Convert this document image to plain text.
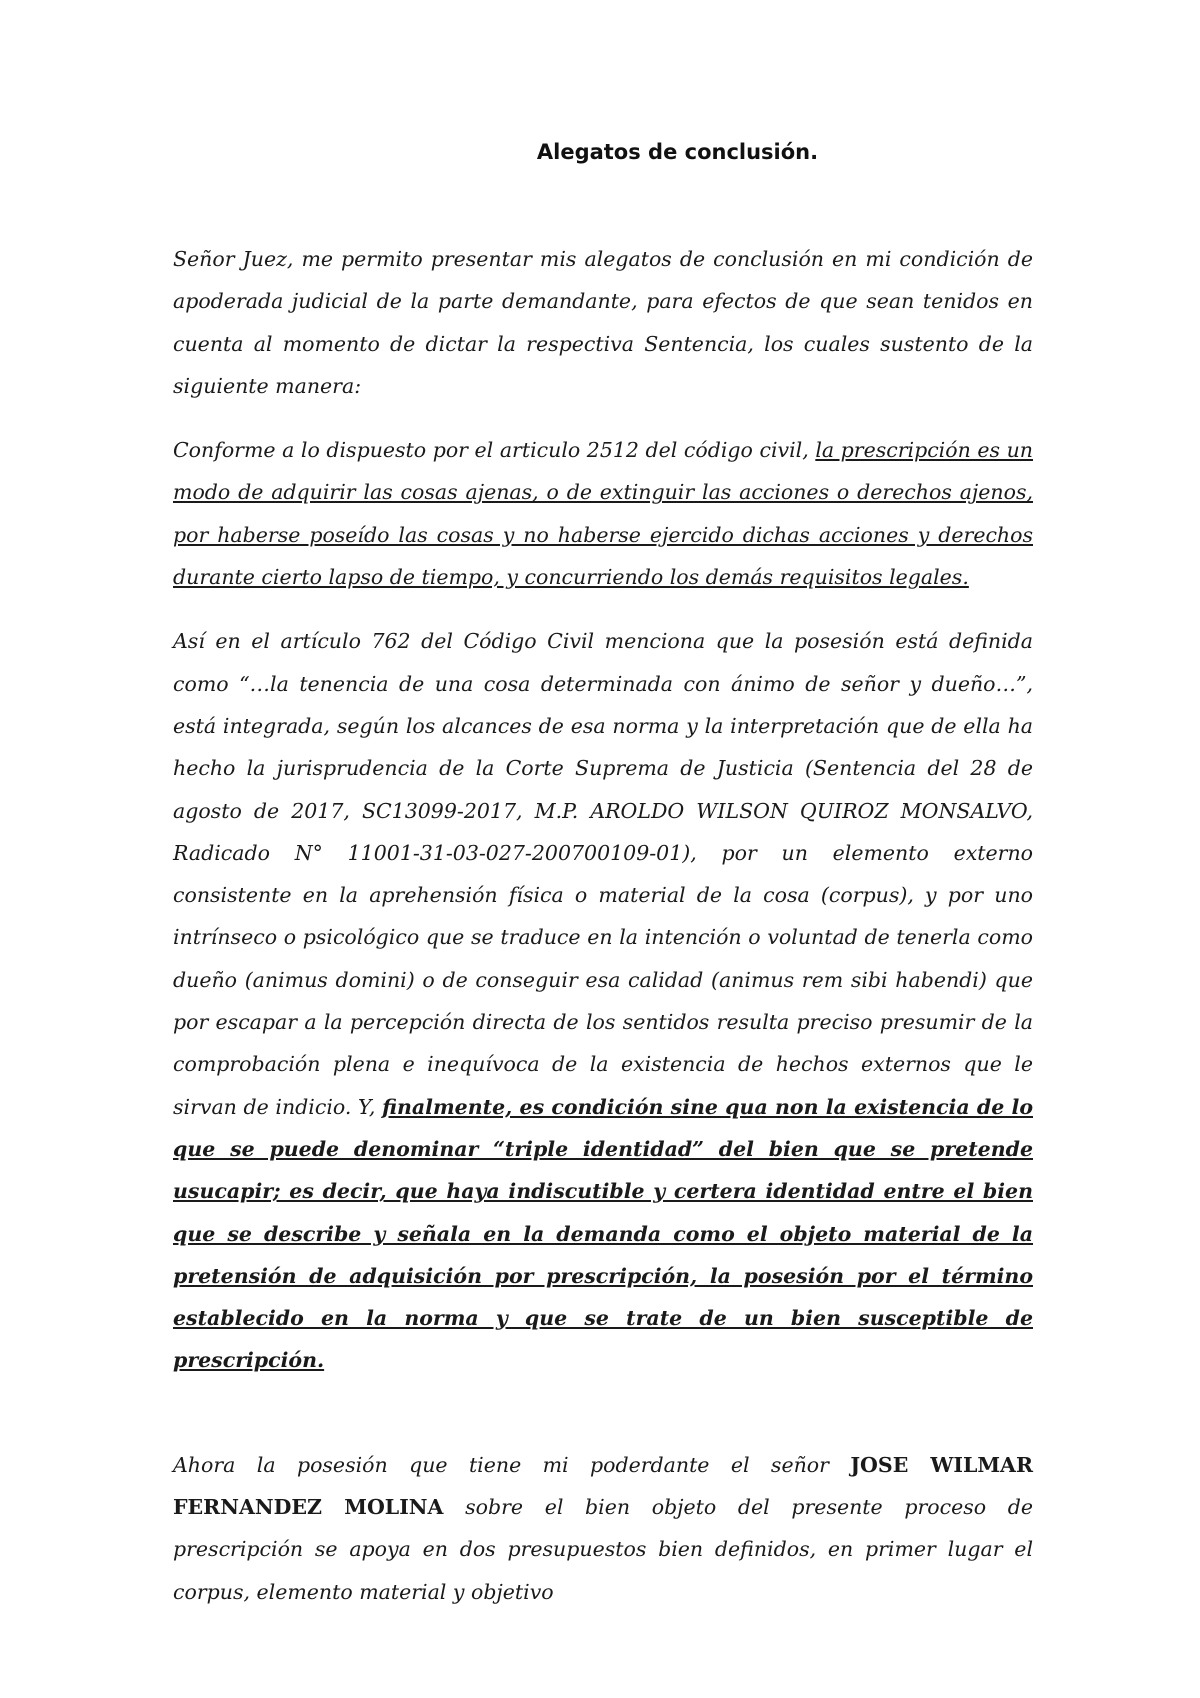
Alegatos de conclusión.

Señor Juez, me permito presentar mis alegatos de conclusión en mi condición de apoderada judicial de la parte demandante, para efectos de que sean tenidos en cuenta al momento de dictar la respectiva Sentencia, los cuales sustento de la siguiente manera:

Conforme a lo dispuesto por el articulo 2512 del código civil, la prescripción es un modo de adquirir las cosas ajenas, o de extinguir las acciones o derechos ajenos, por haberse poseído las cosas y no haberse ejercido dichas acciones y derechos durante cierto lapso de tiempo, y concurriendo los demás requisitos legales.

Así en el artículo 762 del Código Civil menciona que la posesión está definida como “…la tenencia de una cosa determinada con ánimo de señor y dueño…”, está integrada, según los alcances de esa norma y la interpretación que de ella ha hecho la jurisprudencia de la Corte Suprema de Justicia (Sentencia del 28 de agosto de 2017, SC13099-2017, M.P. AROLDO WILSON QUIROZ MONSALVO, Radicado N° 11001-31-03-027-200700109-01), por un elemento externo consistente en la aprehensión física o material de la cosa (corpus), y por uno intrínseco o psicológico que se traduce en la intención o voluntad de tenerla como dueño (animus domini) o de conseguir esa calidad (animus rem sibi habendi) que por escapar a la percepción directa de los sentidos resulta preciso presumir de la comprobación plena e inequívoca de la existencia de hechos externos que le sirvan de indicio. Y, finalmente, es condición sine qua non la existencia de lo que se puede denominar “triple identidad” del bien que se pretende usucapir; es decir, que haya indiscutible y certera identidad entre el bien que se describe y señala en la demanda como el objeto material de la pretensión de adquisición por prescripción, la posesión por el término establecido en la norma y que se trate de un bien susceptible de prescripción.

Ahora la posesión que tiene mi poderdante el señor JOSE WILMAR FERNANDEZ MOLINA sobre el bien objeto del presente proceso de prescripción se apoya en dos presupuestos bien definidos, en primer lugar el corpus, elemento material y objetivo
